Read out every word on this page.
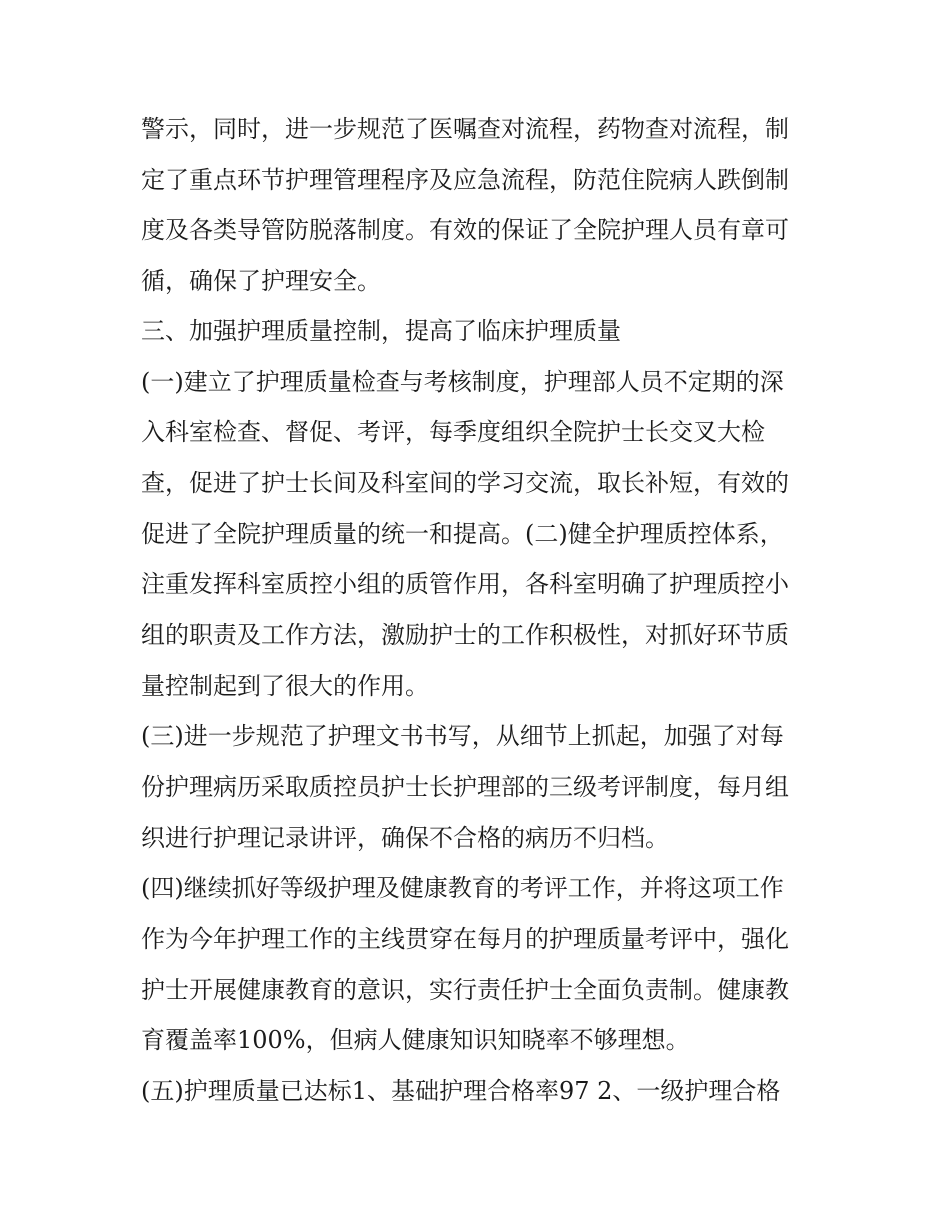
警示，同时，进一步规范了医嘱查对流程，药物查对流程，制

定了重点环节护理管理程序及应急流程，防范住院病人跌倒制

度及各类导管防脱落制度。有效的保证了全院护理人员有章可

循，确保了护理安全。

三、加强护理质量控制，提高了临床护理质量

(一)建立了护理质量检查与考核制度，护理部人员不定期的深

入科室检查、督促、考评，每季度组织全院护士长交叉大检

查，促进了护士长间及科室间的学习交流，取长补短，有效的

促进了全院护理质量的统一和提高。(二)健全护理质控体系，

注重发挥科室质控小组的质管作用，各科室明确了护理质控小

组的职责及工作方法，激励护士的工作积极性，对抓好环节质

量控制起到了很大的作用。

(三)进一步规范了护理文书书写，从细节上抓起，加强了对每

份护理病历采取质控员护士长护理部的三级考评制度，每月组

织进行护理记录讲评，确保不合格的病历不归档。

(四)继续抓好等级护理及健康教育的考评工作，并将这项工作

作为今年护理工作的主线贯穿在每月的护理质量考评中，强化

护士开展健康教育的意识，实行责任护士全面负责制。健康教

育覆盖率100%，但病人健康知识知晓率不够理想。

(五)护理质量已达标1、基础护理合格率97 2、一级护理合格
